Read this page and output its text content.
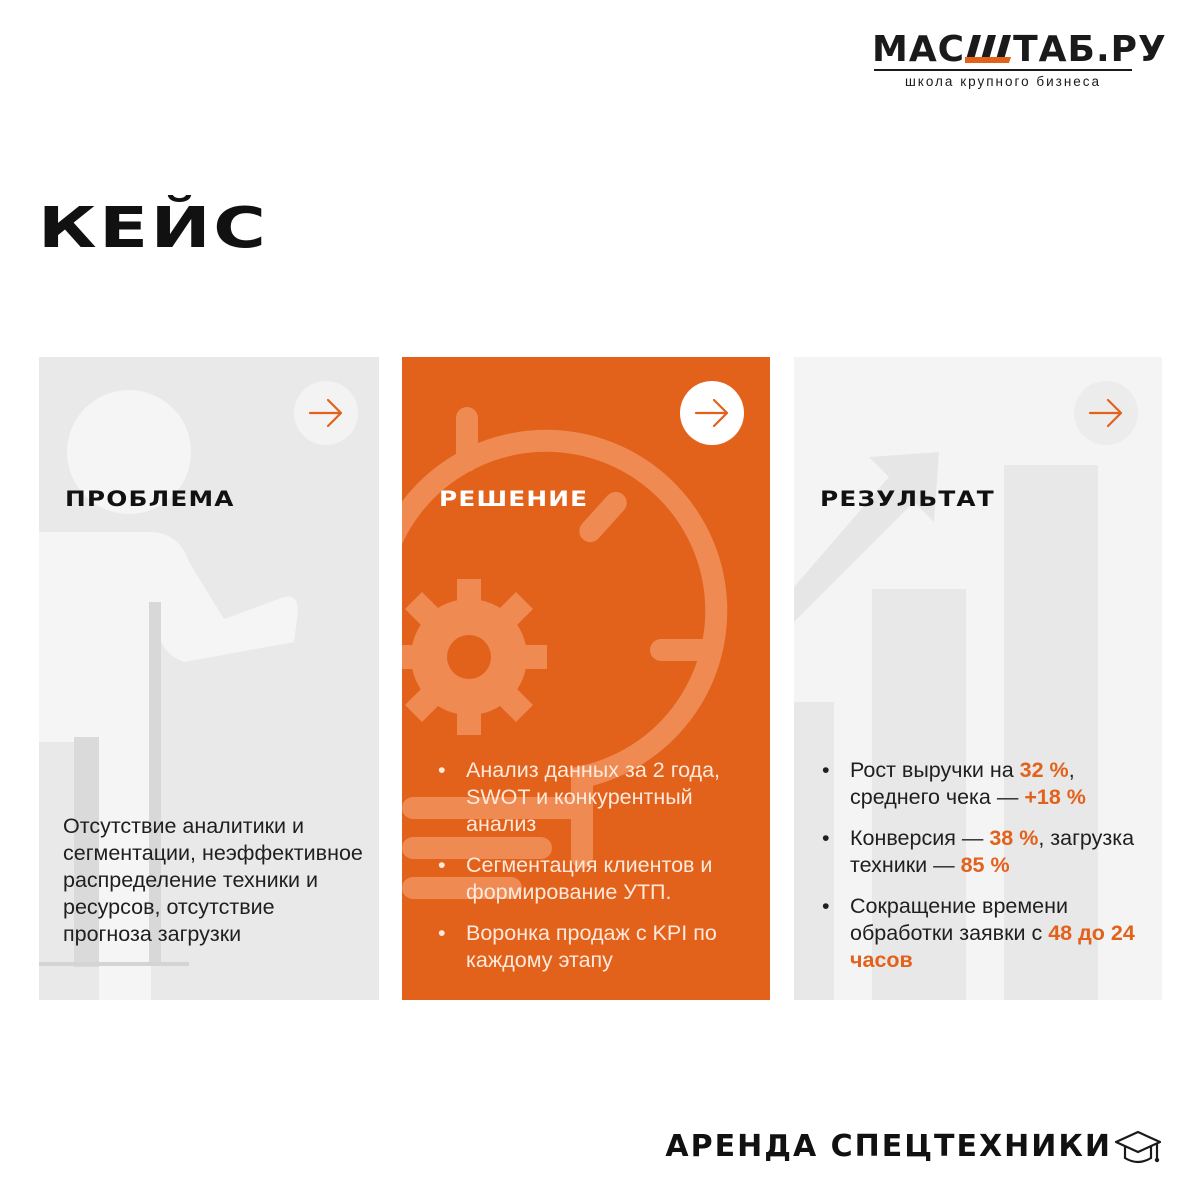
МАС ТАБ.РУ
школа крупного бизнеса
КЕЙС
ПРОБЛЕМА
Отсутствие аналитики и сегментации, неэффективное распределение техники и ресурсов, отсутствие прогноза загрузки
РЕШЕНИЕ
• Анализ данных за 2 года, SWOT и конкурентный анализ
• Сегментация клиентов и формирование УТП.
• Воронка продаж с KPI по каждому этапу
РЕЗУЛЬТАТ
• Рост выручки на 32 %, среднего чека — +18 %
• Конверсия — 38 %, загрузка техники — 85 %
• Сокращение времени обработки заявки с 48 до 24 часов
АРЕНДА СПЕЦТЕХНИКИ
